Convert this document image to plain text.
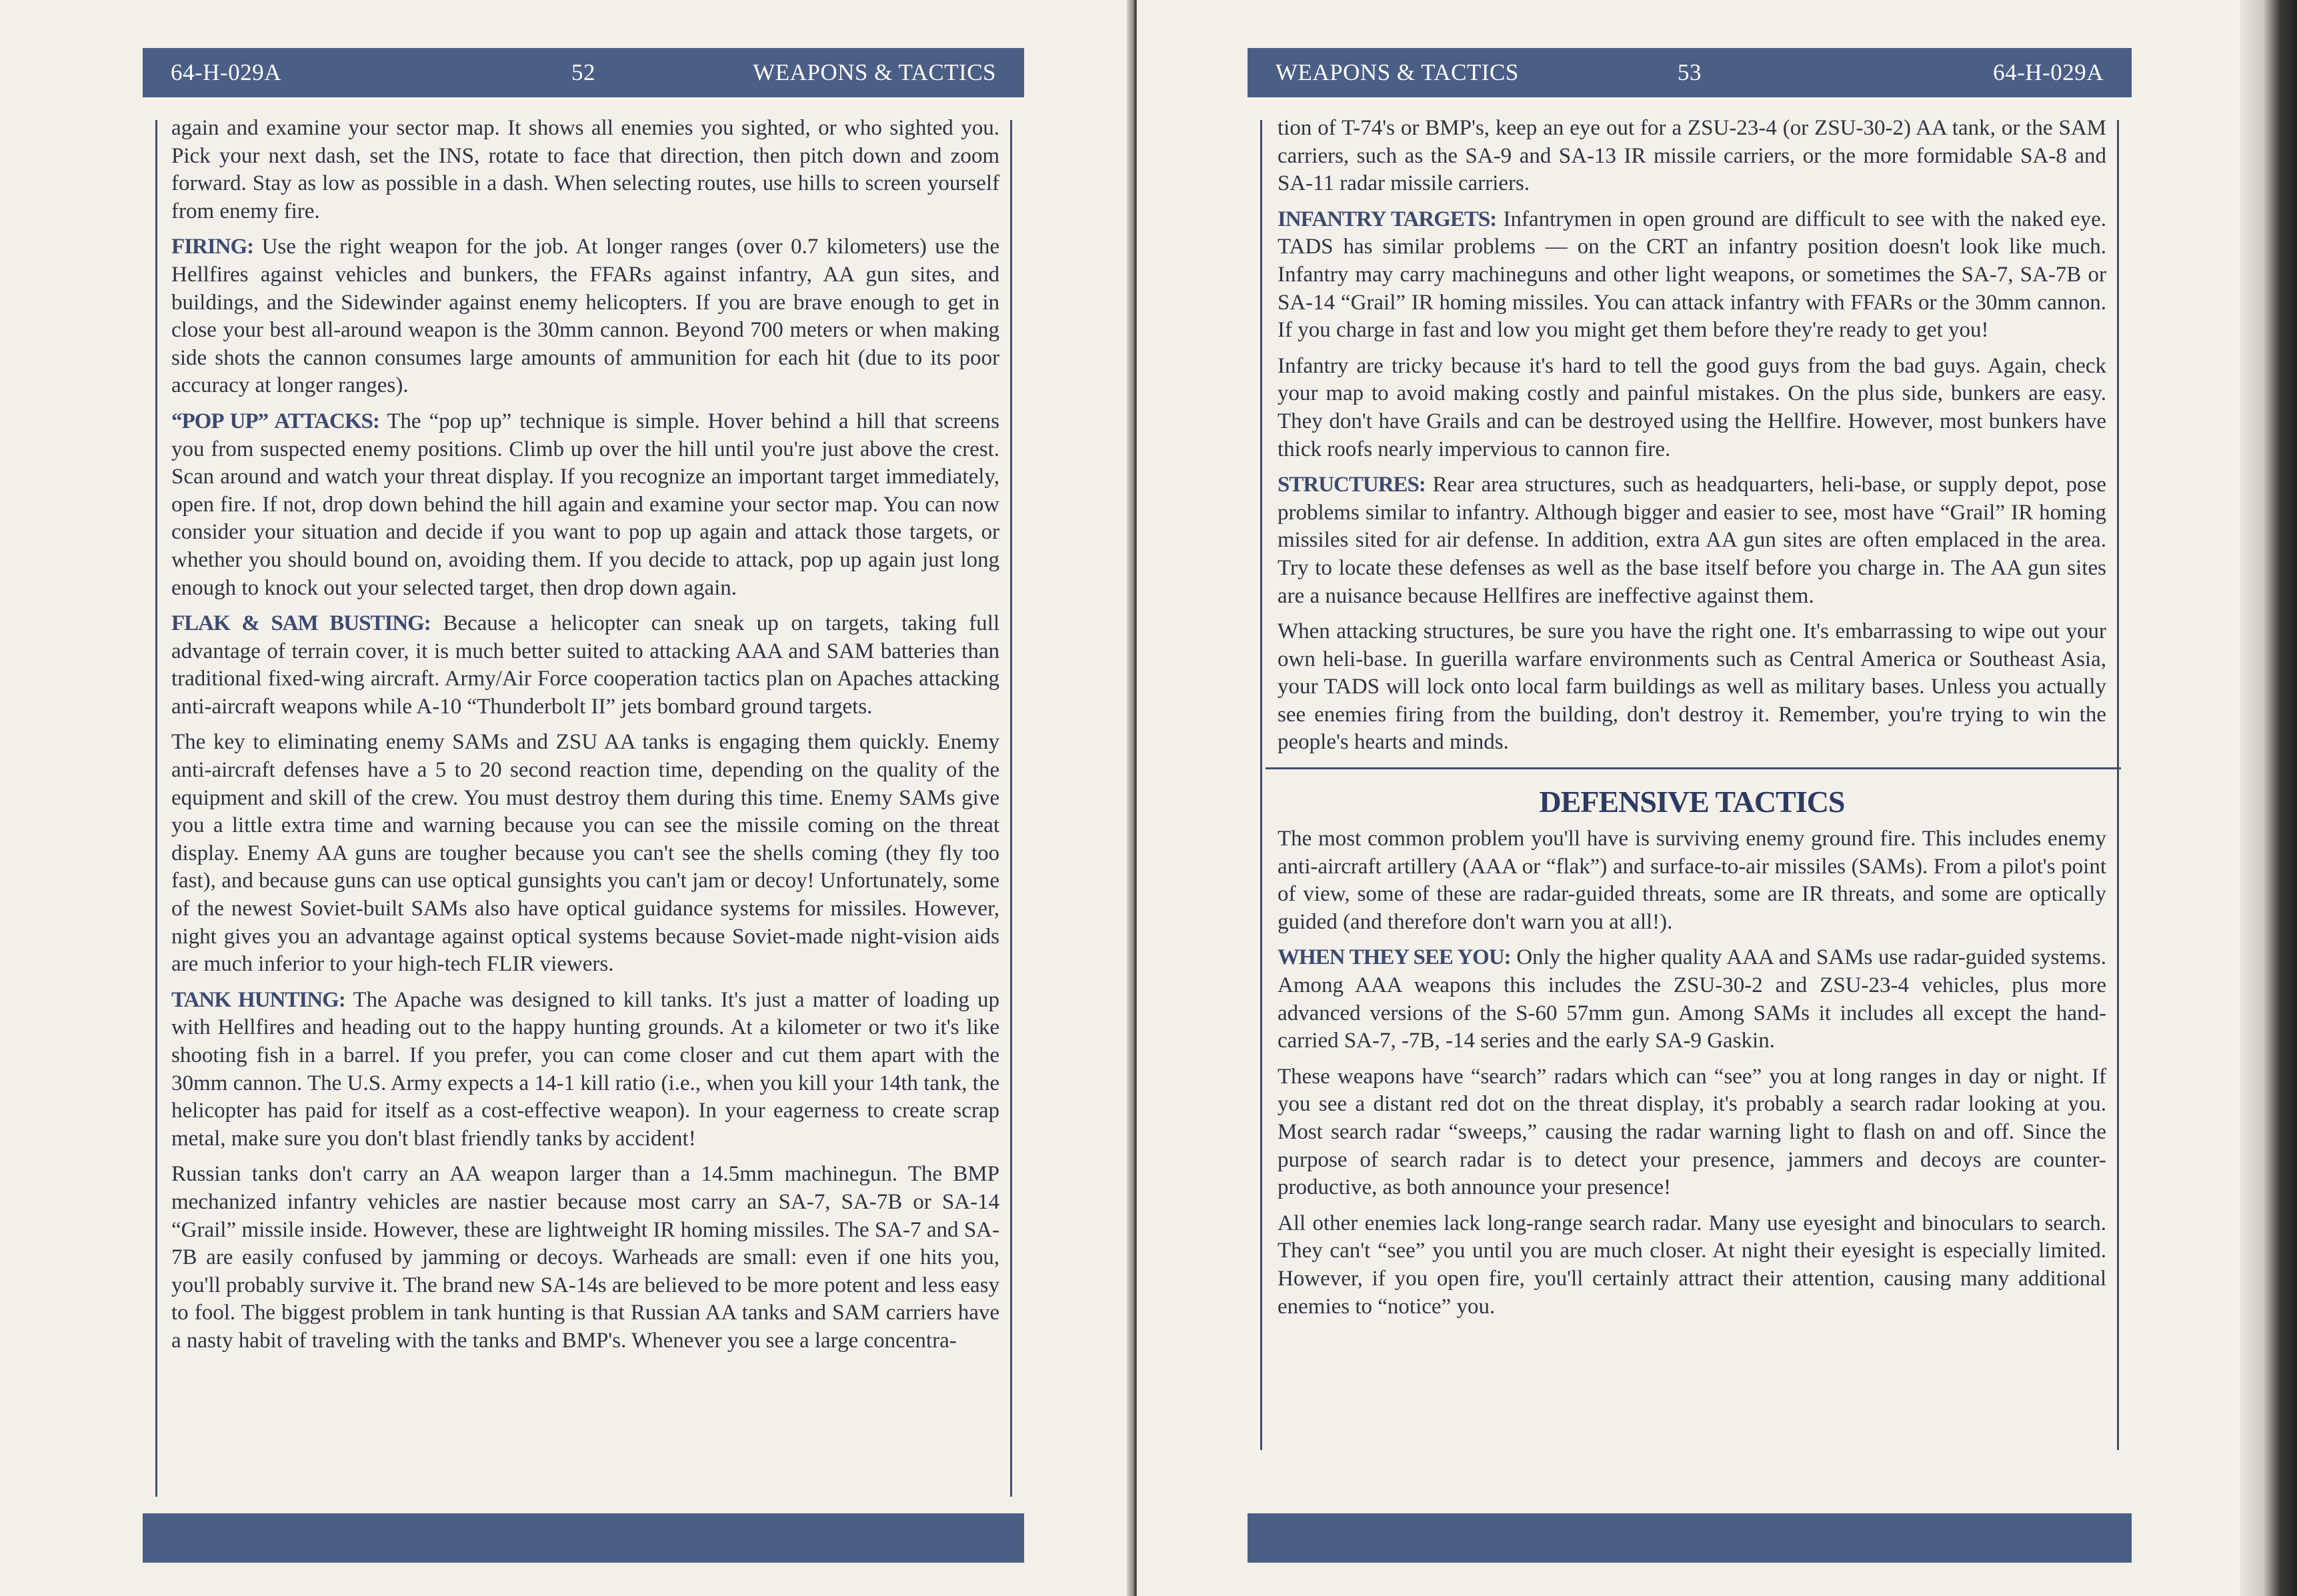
64-H-029A	52	WEAPONS & TACTICS

again and examine your sector map. It shows all enemies you sighted, or who sighted you. Pick your next dash, set the INS, rotate to face that direction, then pitch down and zoom forward. Stay as low as possible in a dash. When selecting routes, use hills to screen yourself from enemy fire.

FIRING: Use the right weapon for the job. At longer ranges (over 0.7 kilometers) use the Hellfires against vehicles and bunkers, the FFARs against infantry, AA gun sites, and buildings, and the Sidewinder against enemy helicopters. If you are brave enough to get in close your best all-around weapon is the 30mm cannon. Beyond 700 meters or when making side shots the cannon consumes large amounts of ammunition for each hit (due to its poor accuracy at longer ranges).

“POP UP” ATTACKS: The “pop up” technique is simple. Hover behind a hill that screens you from suspected enemy positions. Climb up over the hill until you're just above the crest. Scan around and watch your threat display. If you recognize an important target immediately, open fire. If not, drop down behind the hill again and examine your sector map. You can now consider your situation and decide if you want to pop up again and attack those targets, or whether you should bound on, avoiding them. If you decide to attack, pop up again just long enough to knock out your selected target, then drop down again.

FLAK & SAM BUSTING: Because a helicopter can sneak up on targets, taking full advantage of terrain cover, it is much better suited to attacking AAA and SAM batteries than traditional fixed-wing aircraft. Army/Air Force cooperation tactics plan on Apaches attacking anti-aircraft weapons while A-10 “Thunderbolt II” jets bombard ground targets.

The key to eliminating enemy SAMs and ZSU AA tanks is engaging them quickly. Enemy anti-aircraft defenses have a 5 to 20 second reaction time, depending on the quality of the equipment and skill of the crew. You must destroy them during this time. Enemy SAMs give you a little extra time and warning because you can see the missile coming on the threat display. Enemy AA guns are tougher because you can't see the shells coming (they fly too fast), and because guns can use optical gunsights you can't jam or decoy! Unfortunately, some of the newest Soviet-built SAMs also have optical guidance systems for missiles. However, night gives you an advantage against optical systems because Soviet-made night-vision aids are much inferior to your high-tech FLIR viewers.

TANK HUNTING: The Apache was designed to kill tanks. It's just a matter of loading up with Hellfires and heading out to the happy hunting grounds. At a kilometer or two it's like shooting fish in a barrel. If you prefer, you can come closer and cut them apart with the 30mm cannon. The U.S. Army expects a 14-1 kill ratio (i.e., when you kill your 14th tank, the helicopter has paid for itself as a cost-effective weapon). In your eagerness to create scrap metal, make sure you don't blast friendly tanks by accident!

Russian tanks don't carry an AA weapon larger than a 14.5mm machinegun. The BMP mechanized infantry vehicles are nastier because most carry an SA-7, SA-7B or SA-14 “Grail” missile inside. However, these are lightweight IR homing missiles. The SA-7 and SA-7B are easily confused by jamming or decoys. Warheads are small: even if one hits you, you'll probably survive it. The brand new SA-14s are believed to be more potent and less easy to fool. The biggest problem in tank hunting is that Russian AA tanks and SAM carriers have a nasty habit of traveling with the tanks and BMP's. Whenever you see a large concentra-

WEAPONS & TACTICS	53	64-H-029A

tion of T-74's or BMP's, keep an eye out for a ZSU-23-4 (or ZSU-30-2) AA tank, or the SAM carriers, such as the SA-9 and SA-13 IR missile carriers, or the more formidable SA-8 and SA-11 radar missile carriers.

INFANTRY TARGETS: Infantrymen in open ground are difficult to see with the naked eye. TADS has similar problems — on the CRT an infantry position doesn't look like much. Infantry may carry machineguns and other light weapons, or sometimes the SA-7, SA-7B or SA-14 “Grail” IR homing missiles. You can attack infantry with FFARs or the 30mm cannon. If you charge in fast and low you might get them before they're ready to get you!

Infantry are tricky because it's hard to tell the good guys from the bad guys. Again, check your map to avoid making costly and painful mistakes. On the plus side, bunkers are easy. They don't have Grails and can be destroyed using the Hellfire. However, most bunkers have thick roofs nearly impervious to cannon fire.

STRUCTURES: Rear area structures, such as headquarters, heli-base, or supply depot, pose problems similar to infantry. Although bigger and easier to see, most have “Grail” IR homing missiles sited for air defense. In addition, extra AA gun sites are often emplaced in the area. Try to locate these defenses as well as the base itself before you charge in. The AA gun sites are a nuisance because Hellfires are ineffective against them.

When attacking structures, be sure you have the right one. It's embarrassing to wipe out your own heli-base. In guerilla warfare environments such as Central America or Southeast Asia, your TADS will lock onto local farm buildings as well as military bases. Unless you actually see enemies firing from the building, don't destroy it. Remember, you're trying to win the people's hearts and minds.

DEFENSIVE TACTICS

The most common problem you'll have is surviving enemy ground fire. This includes enemy anti-aircraft artillery (AAA or “flak”) and surface-to-air missiles (SAMs). From a pilot's point of view, some of these are radar-guided threats, some are IR threats, and some are optically guided (and therefore don't warn you at all!).

WHEN THEY SEE YOU: Only the higher quality AAA and SAMs use radar-guided systems. Among AAA weapons this includes the ZSU-30-2 and ZSU-23-4 vehicles, plus more advanced versions of the S-60 57mm gun. Among SAMs it includes all except the hand-carried SA-7, -7B, -14 series and the early SA-9 Gaskin.

These weapons have “search” radars which can “see” you at long ranges in day or night. If you see a distant red dot on the threat display, it's probably a search radar looking at you. Most search radar “sweeps,” causing the radar warning light to flash on and off. Since the purpose of search radar is to detect your presence, jammers and decoys are counter-productive, as both announce your presence!

All other enemies lack long-range search radar. Many use eyesight and binoculars to search. They can't “see” you until you are much closer. At night their eyesight is especially limited. However, if you open fire, you'll certainly attract their attention, causing many additional enemies to “notice” you.
